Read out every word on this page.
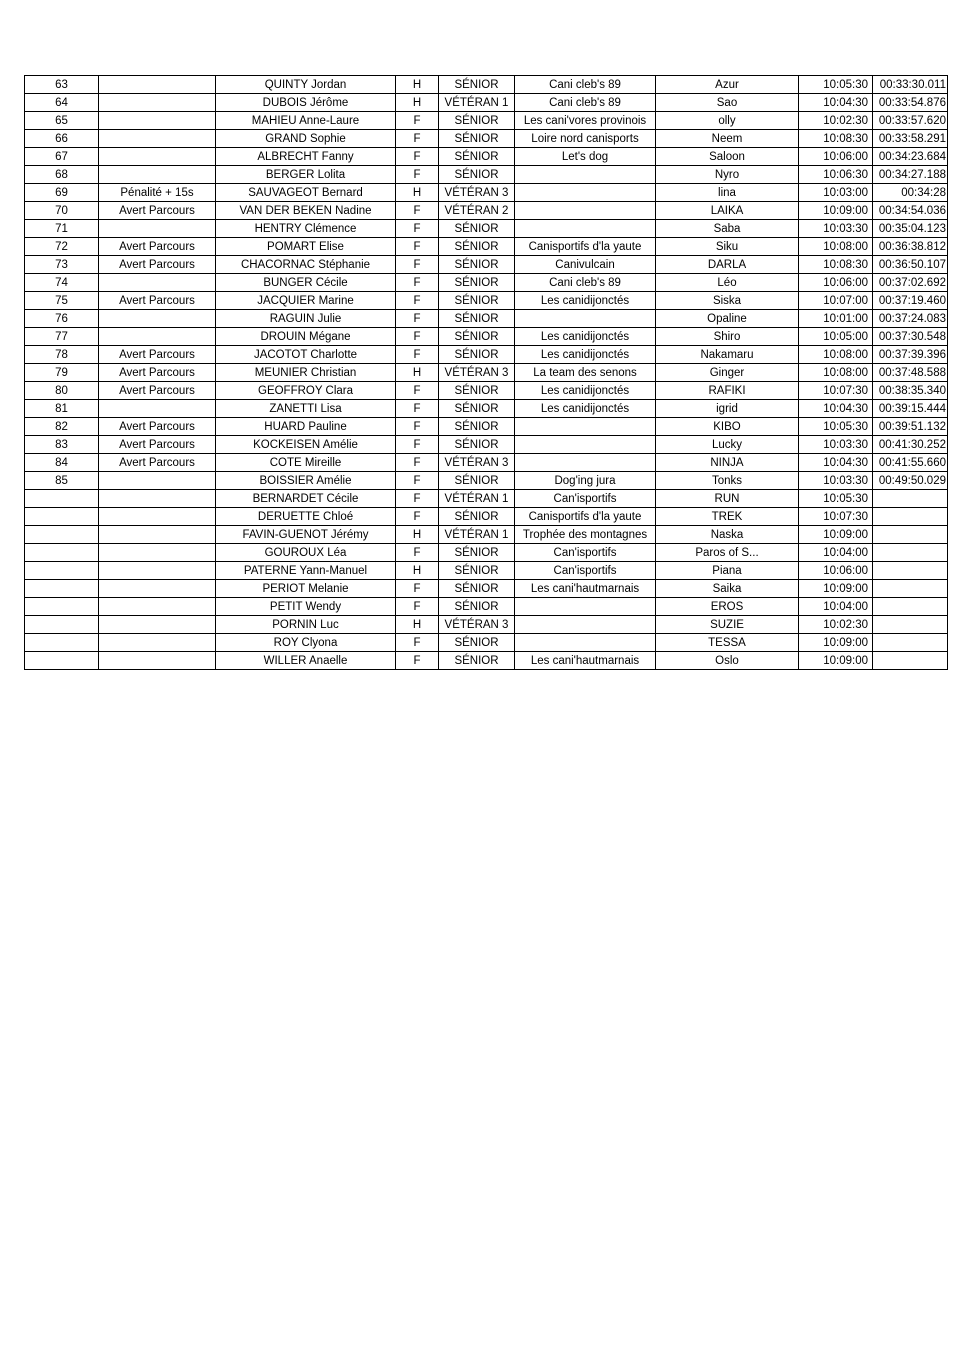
63		QUINTY Jordan	H	SÉNIOR	Cani cleb's 89	Azur	10:05:30	00:33:30.011
64		DUBOIS Jérôme	H	VÉTÉRAN 1	Cani cleb's 89	Sao	10:04:30	00:33:54.876
65		MAHIEU Anne-Laure	F	SÉNIOR	Les cani'vores provinois	olly	10:02:30	00:33:57.620
66		GRAND Sophie	F	SÉNIOR	Loire nord canisports	Neem	10:08:30	00:33:58.291
67		ALBRECHT Fanny	F	SÉNIOR	Let's dog	Saloon	10:06:00	00:34:23.684
68		BERGER Lolita	F	SÉNIOR		Nyro	10:06:30	00:34:27.188
69	Pénalité + 15s	SAUVAGEOT Bernard	H	VÉTÉRAN 3		lina	10:03:00	00:34:28
70	Avert Parcours	VAN DER BEKEN Nadine	F	VÉTÉRAN 2		LAIKA	10:09:00	00:34:54.036
71		HENTRY Clémence	F	SÉNIOR		Saba	10:03:30	00:35:04.123
72	Avert Parcours	POMART Elise	F	SÉNIOR	Canisportifs d'la yaute	Siku	10:08:00	00:36:38.812
73	Avert Parcours	CHACORNAC Stéphanie	F	SÉNIOR	Canivulcain	DARLA	10:08:30	00:36:50.107
74		BUNGER Cécile	F	SÉNIOR	Cani cleb's 89	Léo	10:06:00	00:37:02.692
75	Avert Parcours	JACQUIER Marine	F	SÉNIOR	Les canidijonctés	Siska	10:07:00	00:37:19.460
76		RAGUIN Julie	F	SÉNIOR		Opaline	10:01:00	00:37:24.083
77		DROUIN Mégane	F	SÉNIOR	Les canidijonctés	Shiro	10:05:00	00:37:30.548
78	Avert Parcours	JACOTOT Charlotte	F	SÉNIOR	Les canidijonctés	Nakamaru	10:08:00	00:37:39.396
79	Avert Parcours	MEUNIER Christian	H	VÉTÉRAN 3	La team des senons	Ginger	10:08:00	00:37:48.588
80	Avert Parcours	GEOFFROY Clara	F	SÉNIOR	Les canidijonctés	RAFIKI	10:07:30	00:38:35.340
81		ZANETTI Lisa	F	SÉNIOR	Les canidijonctés	igrid	10:04:30	00:39:15.444
82	Avert Parcours	HUARD Pauline	F	SÉNIOR		KIBO	10:05:30	00:39:51.132
83	Avert Parcours	KOCKEISEN Amélie	F	SÉNIOR		Lucky	10:03:30	00:41:30.252
84	Avert Parcours	COTE Mireille	F	VÉTÉRAN 3		NINJA	10:04:30	00:41:55.660
85		BOISSIER Amélie	F	SÉNIOR	Dog'ing jura	Tonks	10:03:30	00:49:50.029
		BERNARDET Cécile	F	VÉTÉRAN 1	Can'isportifs	RUN	10:05:30	
		DERUETTE Chloé	F	SÉNIOR	Canisportifs d'la yaute	TREK	10:07:30	
		FAVIN-GUENOT Jérémy	H	VÉTÉRAN 1	Trophée des montagnes	Naska	10:09:00	
		GOUROUX Léa	F	SÉNIOR	Can'isportifs	Paros of S...	10:04:00	
		PATERNE Yann-Manuel	H	SÉNIOR	Can'isportifs	Piana	10:06:00	
		PERIOT Melanie	F	SÉNIOR	Les cani'hautmarnais	Saika	10:09:00	
		PETIT Wendy	F	SÉNIOR		EROS	10:04:00	
		PORNIN Luc	H	VÉTÉRAN 3		SUZIE	10:02:30	
		ROY Clyona	F	SÉNIOR		TESSA	10:09:00	
		WILLER Anaelle	F	SÉNIOR	Les cani'hautmarnais	Oslo	10:09:00	
